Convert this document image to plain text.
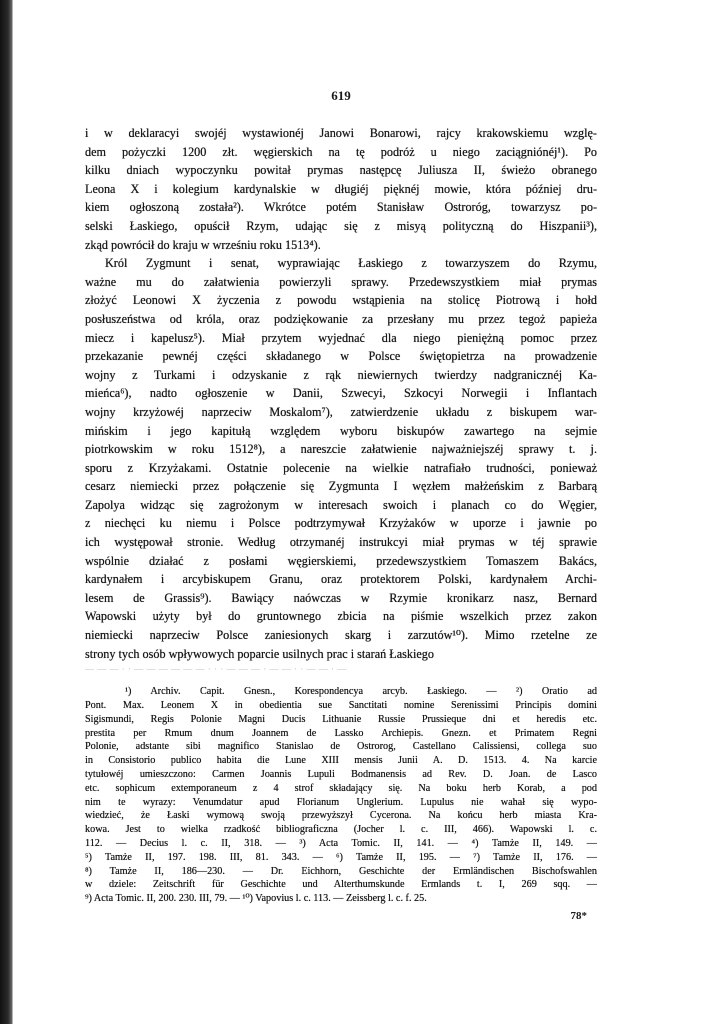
619
i w deklaracyi swojéj wystawionéj Janowi Bonarowi, rajcy krakowskiemu wzglę-
dem pożyczki 1200 złt. węgierskich na tę podróż u niego zaciągniónéj¹). Po
kilku dniach wypoczynku powitał prymas następcę Juliusza II, świeżo obranego
Leona X i kolegium kardynalskie w długiéj pięknéj mowie, która później dru-
kiem ogłoszoną została²). Wkrótce potém Stanisław Ostroróg, towarzysz po-
selski Łaskiego, opuścił Rzym, udając się z misyą polityczną do Hiszpanii³),
zkąd powrócił do kraju w wrześniu roku 1513⁴).
Król Zygmunt i senat, wyprawiając Łaskiego z towarzyszem do Rzymu,
ważne mu do załatwienia powierzyli sprawy. Przedewszystkiem miał prymas
złożyć Leonowi X życzenia z powodu wstąpienia na stolicę Piotrową i hołd
posłuszeństwa od króla, oraz podziękowanie za przesłany mu przez tegoż papieża
miecz i kapelusz⁵). Miał przytem wyjednać dla niego pieniężną pomoc przez
przekazanie pewnéj części składanego w Polsce świętopietrza na prowadzenie
wojny z Turkami i odzyskanie z rąk niewiernych twierdzy nadgranicznéj Ka-
mieńca⁶), nadto ogłoszenie w Danii, Szwecyi, Szkocyi Norwegii i Inflantach
wojny krzyżowéj naprzeciw Moskalom⁷), zatwierdzenie układu z biskupem war-
mińskim i jego kapitułą względem wyboru biskupów zawartego na sejmie
piotrkowskim w roku 1512⁸), a nareszcie załatwienie najważniejszéj sprawy t. j.
sporu z Krzyżakami. Ostatnie polecenie na wielkie natrafiało trudności, ponieważ
cesarz niemiecki przez połączenie się Zygmunta I węzłem małżeńskim z Barbarą
Zapolya widząc się zagrożonym w interesach swoich i planach co do Węgier,
z niechęci ku niemu i Polsce podtrzymywał Krzyżaków w uporze i jawnie po
ich występował stronie. Według otrzymanéj instrukcyi miał prymas w téj sprawie
wspólnie działać z posłami węgierskiemi, przedewszystkiem Tomaszem Bakács,
kardynałem i arcybiskupem Granu, oraz protektorem Polski, kardynałem Archi-
lesem de Grassis⁹). Bawiący naówczas w Rzymie kronikarz nasz, Bernard
Wapowski użyty był do gruntownego zbicia na piśmie wszelkich przez zakon
niemiecki naprzeciw Polsce zaniesionych skarg i zarzutów¹⁰). Mimo rzetelne ze
strony tych osób wpływowych poparcie usilnych prac i starań Łaskiego
— — — · · — — — — — — · · · — — — · — — · · — — · —
¹) Archiv. Capit. Gnesn., Korespondencya arcyb. Łaskiego. — ²) Oratio ad
Pont. Max. Leonem X in obedientia sue Sanctitati nomine Serenissimi Principis domini
Sigismundi, Regis Polonie Magni Ducis Lithuanie Russie Prussieque dni et heredis etc.
prestita per Rmum dnum Joannem de Lassko Archiepis. Gnezn. et Primatem Regni
Polonie, adstante sibi magnifico Stanislao de Ostrorog, Castellano Calissiensi, collega suo
in Consistorio publico habita die Lune XIII mensis Junii A. D. 1513. 4. Na karcie
tytułowéj umieszczono: Carmen Joannis Lupuli Bodmanensis ad Rev. D. Joan. de Lasco
etc. sophicum extemporaneum z 4 strof składający się. Na boku herb Korab, a pod
nim te wyrazy: Venumdatur apud Florianum Unglerium. Lupulus nie wahał się wypo-
wiedzieć, że Łaski wymową swoją przewyższył Cycerona. Na końcu herb miasta Kra-
kowa. Jest to wielka rzadkość bibliograficzna (Jocher l. c. III, 466). Wapowski l. c.
112. — Decius l. c. II, 318. — ³) Acta Tomic. II, 141. — ⁴) Tamże II, 149. —
⁵) Tamże II, 197. 198. III, 81. 343. — ⁶) Tamże II, 195. — ⁷) Tamże II, 176. —
⁸) Tamże II, 186—230. — Dr. Eichhorn, Geschichte der Ermländischen Bischofswahlen
w dziele: Zeitschrift für Geschichte und Alterthumskunde Ermlands t. I, 269 sqq. —
⁹) Acta Tomic. II, 200. 230. III, 79. — ¹⁰) Vapovius l. c. 113. — Zeissberg l. c. f. 25.
78*
